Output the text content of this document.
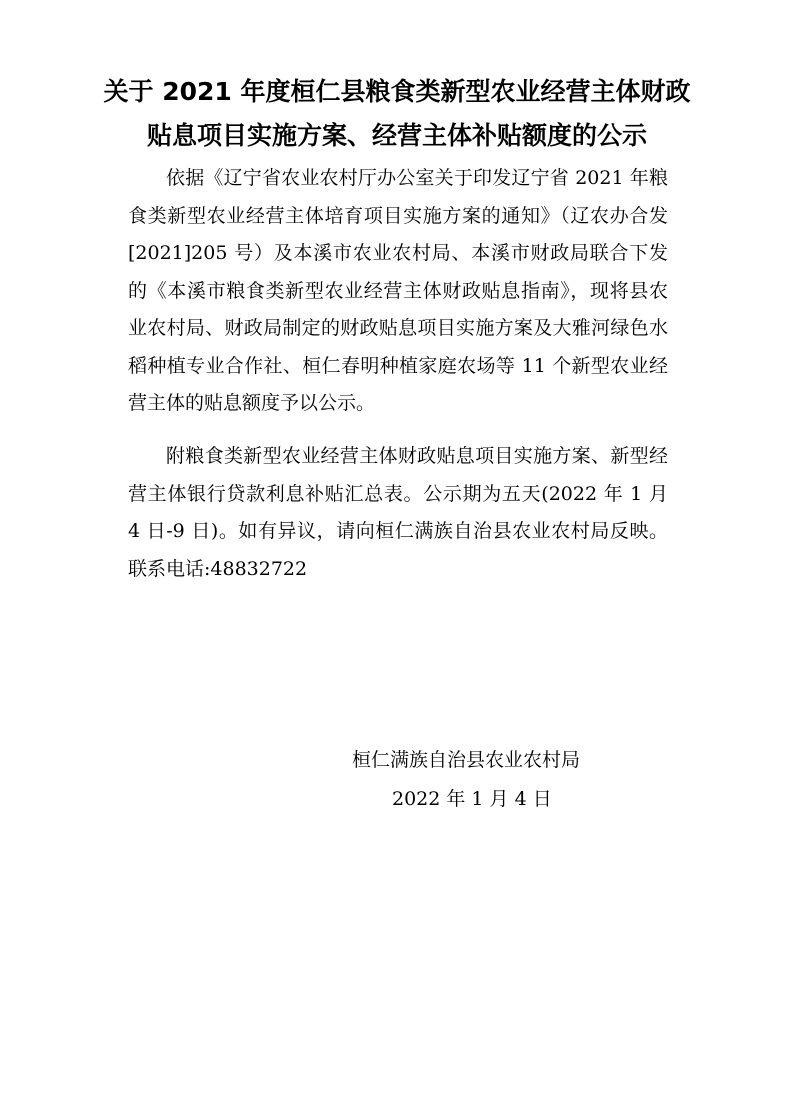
关于 2021 年度桓仁县粮食类新型农业经营主体财政
贴息项目实施方案、经营主体补贴额度的公示

依据《辽宁省农业农村厅办公室关于印发辽宁省 2021 年粮食类新型农业经营主体培育项目实施方案的通知》（辽农办合发[2021]205 号）及本溪市农业农村局、本溪市财政局联合下发的《本溪市粮食类新型农业经营主体财政贴息指南》，现将县农业农村局、财政局制定的财政贴息项目实施方案及大雅河绿色水稻种植专业合作社、桓仁春明种植家庭农场等 11 个新型农业经营主体的贴息额度予以公示。

附粮食类新型农业经营主体财政贴息项目实施方案、新型经营主体银行贷款利息补贴汇总表。公示期为五天(2022 年 1 月 4 日-9 日)。如有异议，请向桓仁满族自治县农业农村局反映。联系电话:48832722

桓仁满族自治县农业农村局

2022 年 1 月 4 日
